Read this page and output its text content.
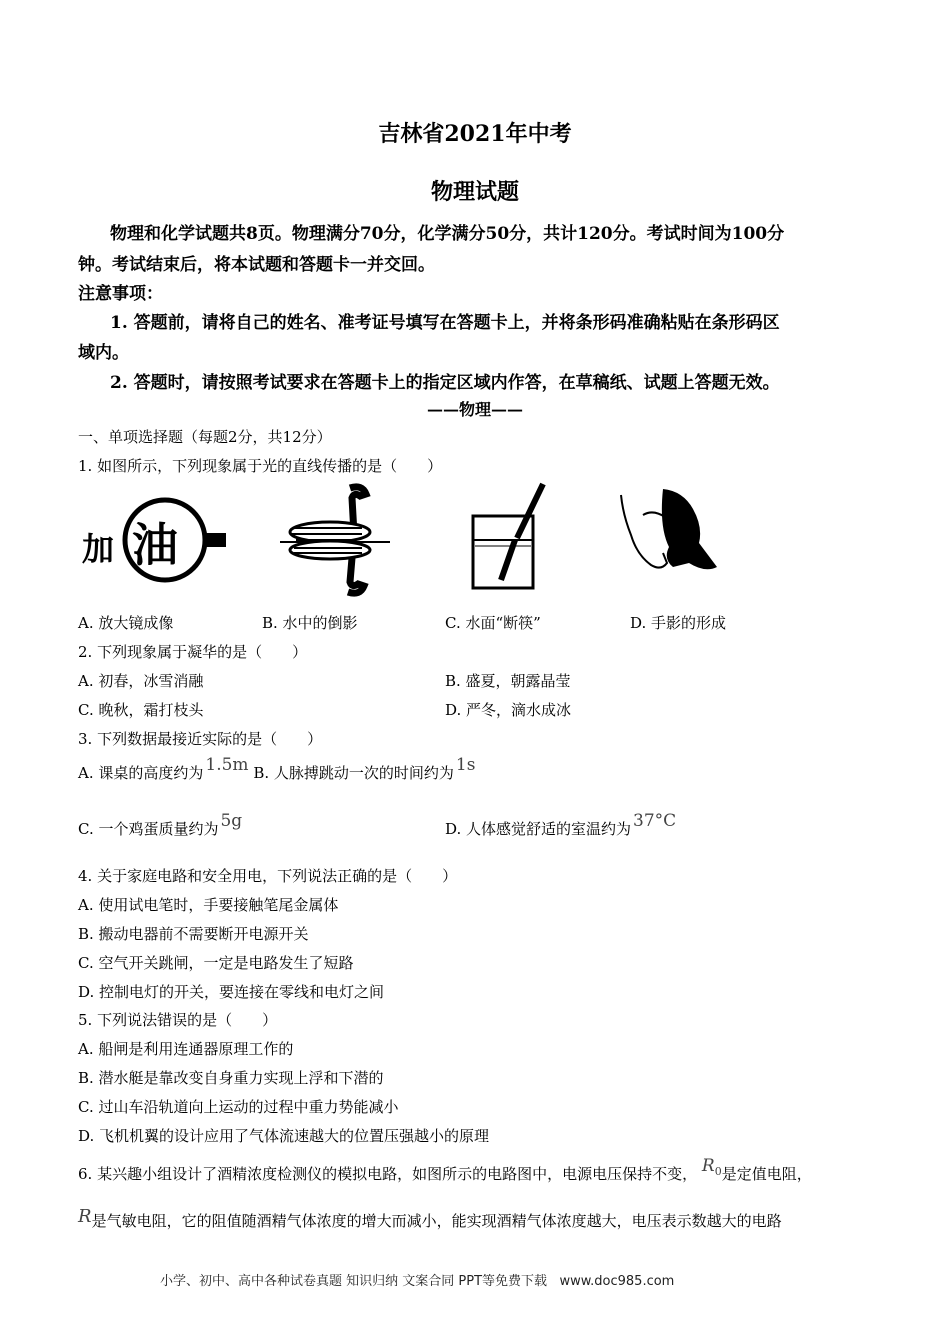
吉林省2021年中考
物理试题
物理和化学试题共8页。物理满分70分，化学满分50分，共计120分。考试时间为100分
钟。考试结束后，将本试题和答题卡一并交回。
注意事项：
1. 答题前，请将自己的姓名、准考证号填写在答题卡上，并将条形码准确粘贴在条形码区
域内。
2. 答题时，请按照考试要求在答题卡上的指定区域内作答，在草稿纸、试题上答题无效。
——物理——
一、单项选择题（每题2分，共12分）
1. 如图所示，下列现象属于光的直线传播的是（　　）
加 油
A. 放大镜成像	B. 水中的倒影	C. 水面“断筷”	D. 手影的形成
2. 下列现象属于凝华的是（　　）
A. 初春，冰雪消融	B. 盛夏，朝露晶莹
C. 晚秋，霜打枝头	D. 严冬，滴水成冰
3. 下列数据最接近实际的是（　　）
A. 课桌的高度约为 1.5m B. 人脉搏跳动一次的时间约为 1s
C. 一个鸡蛋质量约为 5g	D. 人体感觉舒适的室温约为 37°C
4. 关于家庭电路和安全用电，下列说法正确的是（　　）
A. 使用试电笔时，手要接触笔尾金属体
B. 搬动电器前不需要断开电源开关
C. 空气开关跳闸，一定是电路发生了短路
D. 控制电灯的开关，要连接在零线和电灯之间
5. 下列说法错误的是（　　）
A. 船闸是利用连通器原理工作的
B. 潜水艇是靠改变自身重力实现上浮和下潜的
C. 过山车沿轨道向上运动的过程中重力势能减小
D. 飞机机翼的设计应用了气体流速越大的位置压强越小的原理
6. 某兴趣小组设计了酒精浓度检测仪的模拟电路，如图所示的电路图中，电源电压保持不变， $R_0$是定值电阻，
R是气敏电阻，它的阻值随酒精气体浓度的增大而减小，能实现酒精气体浓度越大，电压表示数越大的电路
小学、初中、高中各种试卷真题 知识归纳 文案合同 PPT等免费下载 www.doc985.com
